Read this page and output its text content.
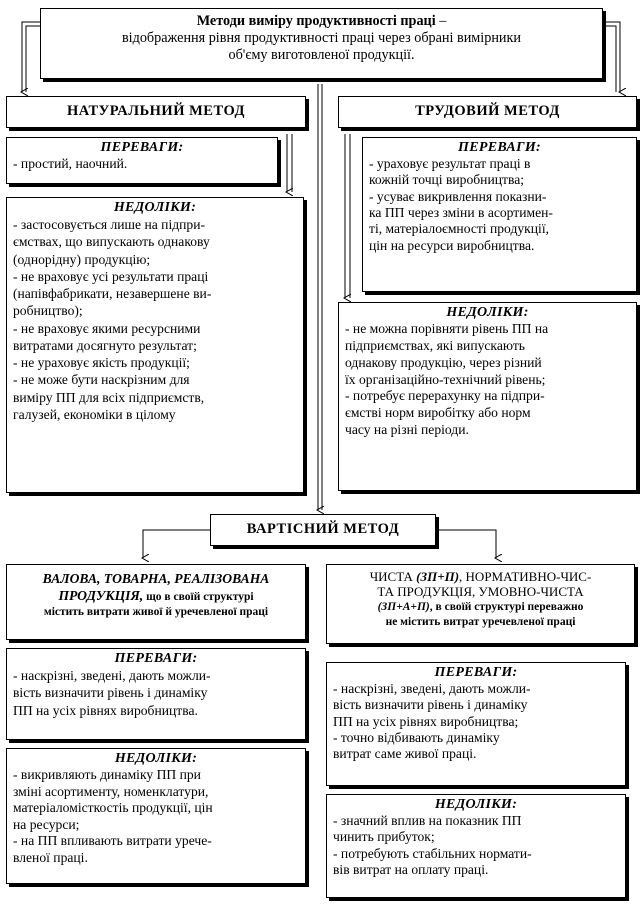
Методи виміру продуктивності праці –
відображення рівня продуктивності праці через обрані вимірники
об'єму виготовленої продукції.
НАТУРАЛЬНИЙ МЕТОД
ПЕРЕВАГИ:
- простий, наочний.
НЕДОЛІКИ:
- застосовується лише на підпри-
ємствах, що випускають однакову
(однорідну) продукцію;
- не враховує усі результати праці
(напівфабрикати, незавершене ви-
робництво);
- не враховує якими ресурсними
витратами досягнуто результат;
- не ураховує якість продукції;
- не може бути наскрізним для
виміру ПП для всіх підприємств,
галузей, економіки в цілому
ТРУДОВИЙ МЕТОД
ПЕРЕВАГИ:
- ураховує результат праці в
кожній точці виробництва;
- усуває викривлення показни-
ка ПП через зміни в асортимен-
ті, матеріалоємності продукції,
цін на ресурси виробництва.
НЕДОЛІКИ:
- не можна порівняти рівень ПП на
підприємствах, які випускають
однакову продукцію, через різний
їх організаційно-технічний рівень;
- потребує перерахунку на підпри-
ємстві норм виробітку або норм
часу на різні періоди.
ВАРТІСНИЙ МЕТОД
ВАЛОВА, ТОВАРНА, РЕАЛІЗОВАНА
ПРОДУКЦІЯ, що в своїй структурі
містить витрати живої й уречевленої праці
ПЕРЕВАГИ:
- наскрізні, зведені, дають можли-
вість визначити рівень і динаміку
ПП на усіх рівнях виробництва.
НЕДОЛІКИ:
- викривляють динаміку ПП при
зміні асортименту, номенклатури,
матеріаломісткостіь продукції, цін
на ресурси;
- на ПП впливають витрати урече-
вленої праці.
ЧИСТА (ЗП+П), НОРМАТИВНО-ЧИС-
ТА ПРОДУКЦІЯ, УМОВНО-ЧИСТА
(ЗП+А+П), в своїй структурі переважно
не містить витрат уречевленої праці
ПЕРЕВАГИ:
- наскрізні, зведені, дають можли-
вість визначити рівень і динаміку
ПП на усіх рівнях виробництва;
- точно відбивають динаміку
витрат саме живої праці.
НЕДОЛІКИ:
- значний вплив на показник ПП
чинить прибуток;
- потребують стабільних нормати-
вів витрат на оплату праці.
